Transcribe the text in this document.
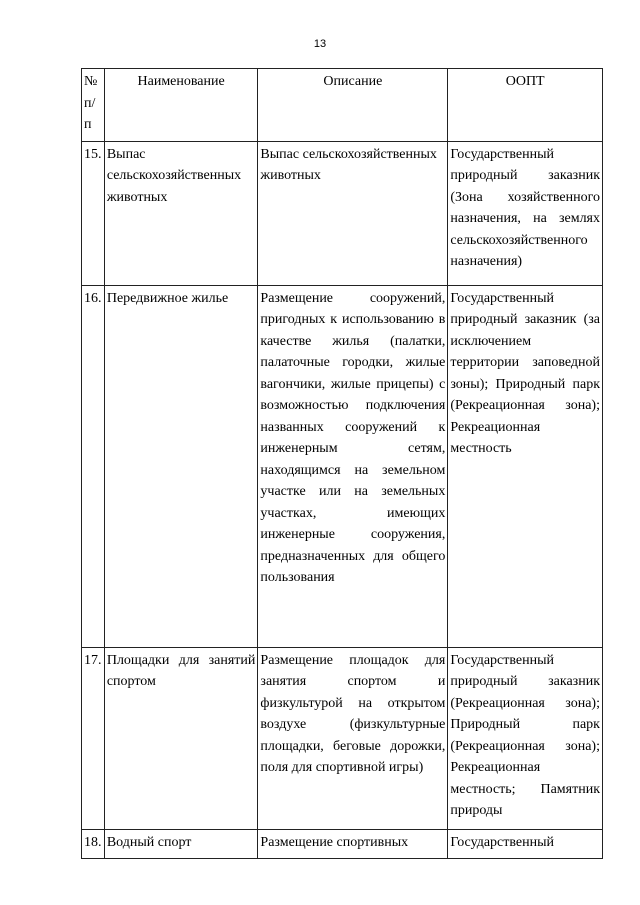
13
№ п/п	Наименование	Описание	ООПТ
15.	Выпас сельскохозяйственных животных	Выпас сельскохозяйственных животных	Государственный природный заказник (Зона хозяйственного назначения, на землях сельскохозяйственного назначения)
16.	Передвижное жилье	Размещение сооружений, пригодных к использованию в качестве жилья (палатки, палаточные городки, жилые вагончики, жилые прицепы) с возможностью подключения названных сооружений к инженерным сетям, находящимся на земельном участке или на земельных участках, имеющих инженерные сооружения, предназначенных для общего пользования	Государственный природный заказник (за исключением территории заповедной зоны); Природный парк (Рекреационная зона); Рекреационная местность
17.	Площадки для занятий спортом	Размещение площадок для занятия спортом и физкультурой на открытом воздухе (физкультурные площадки, беговые дорожки, поля для спортивной игры)	Государственный природный заказник (Рекреационная зона); Природный парк (Рекреационная зона); Рекреационная местность; Памятник природы
18.	Водный спорт	Размещение спортивных	Государственный
